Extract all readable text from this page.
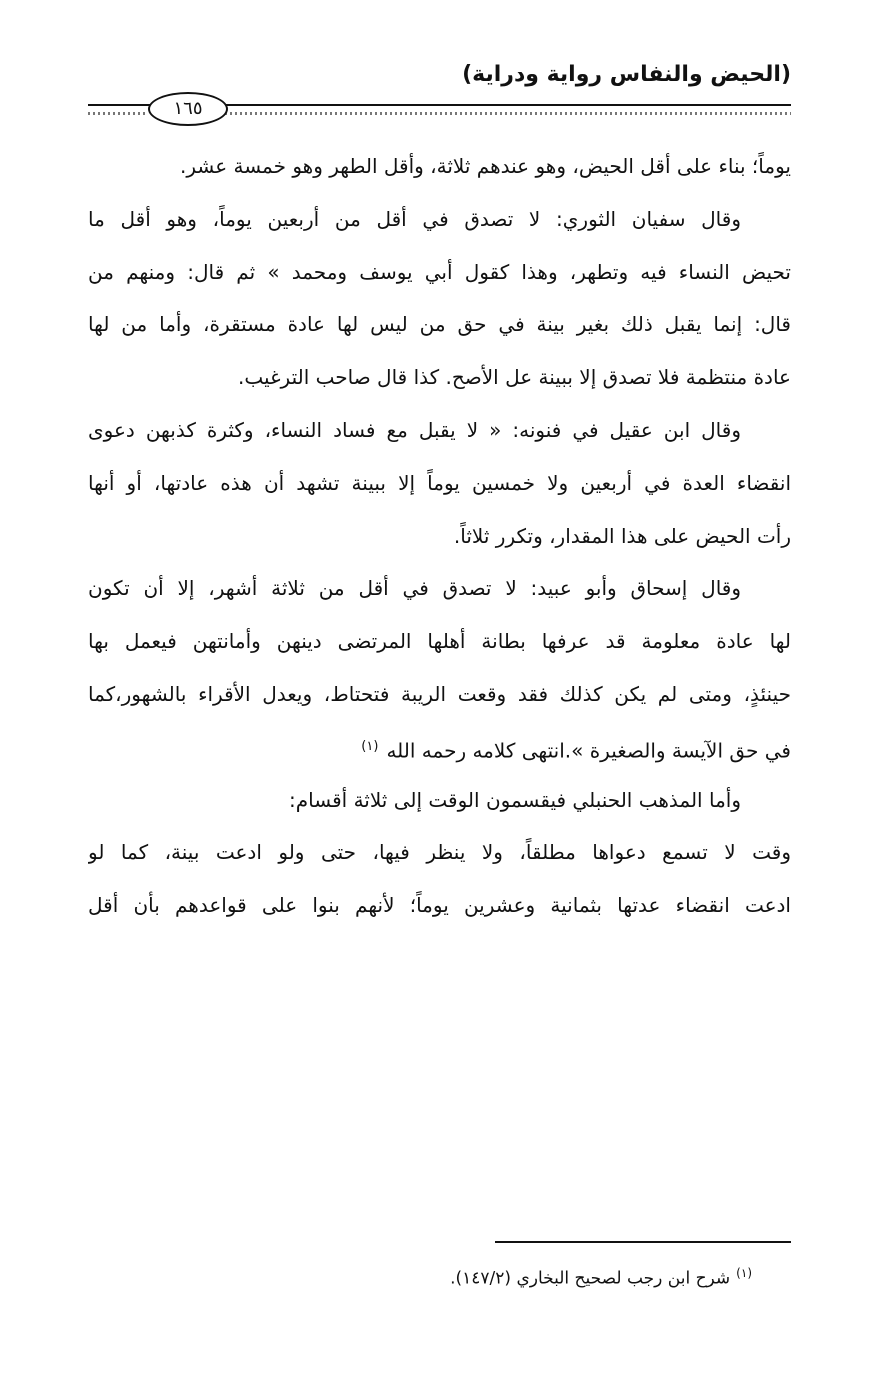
(الحيض والنفاس رواية ودراية)
١٦٥
يوماً؛ بناء على أقل الحيض، وهو عندهم ثلاثة، وأقل الطهر وهو خمسة عشر.
وقال سفيان الثوري: لا تصدق في أقل من أربعين يوماً، وهو أقل ما
تحيض النساء فيه وتطهر، وهذا كقول أبي يوسف ومحمد » ثم قال: ومنهم من
قال: إنما يقبل ذلك بغير بينة في حق من ليس لها عادة مستقرة، وأما من لها
عادة منتظمة فلا تصدق إلا ببينة عل الأصح. كذا قال صاحب الترغيب.
وقال ابن عقيل في فنونه: « لا يقبل مع فساد النساء، وكثرة كذبهن دعوى
انقضاء العدة في أربعين ولا خمسين يوماً إلا ببينة تشهد أن هذه عادتها، أو أنها
رأت الحيض على هذا المقدار، وتكرر ثلاثاً.
وقال إسحاق وأبو عبيد: لا تصدق في أقل من ثلاثة أشهر، إلا أن تكون
لها عادة معلومة قد عرفها بطانة أهلها المرتضى دينهن وأمانتهن فيعمل بها
حينئذٍ، ومتى لم يكن كذلك فقد وقعت الريبة فتحتاط، ويعدل الأقراء بالشهور،كما
في حق الآيسة والصغيرة ».انتهى كلامه رحمه الله$^{(١)}$
وأما المذهب الحنبلي فيقسمون الوقت إلى ثلاثة أقسام:
وقت لا تسمع دعواها مطلقاً، ولا ينظر فيها، حتى ولو ادعت بينة، كما لو
ادعت انقضاء عدتها بثمانية وعشرين يوماً؛ لأنهم بنوا على قواعدهم بأن أقل
$^{(١)}$شرح ابن رجب لصحيح البخاري (١٤٧/٢).
